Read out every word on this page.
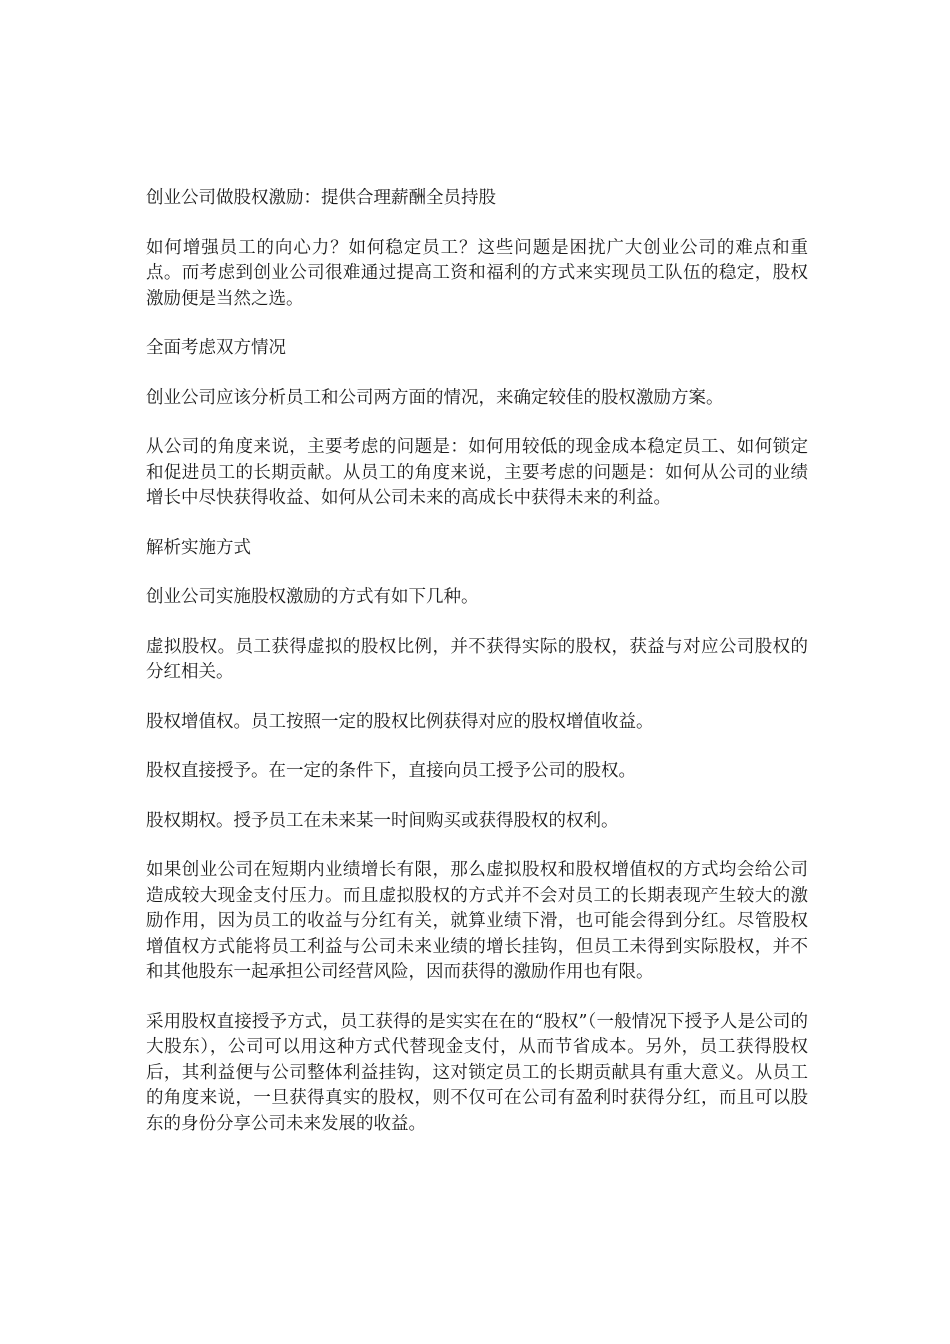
创业公司做股权激励：提供合理薪酬全员持股

如何增强员工的向心力？如何稳定员工？这些问题是困扰广大创业公司的难点和重点。而考虑到创业公司很难通过提高工资和福利的方式来实现员工队伍的稳定，股权激励便是当然之选。

全面考虑双方情况

创业公司应该分析员工和公司两方面的情况，来确定较佳的股权激励方案。

从公司的角度来说，主要考虑的问题是：如何用较低的现金成本稳定员工、如何锁定和促进员工的长期贡献。从员工的角度来说，主要考虑的问题是：如何从公司的业绩增长中尽快获得收益、如何从公司未来的高成长中获得未来的利益。

解析实施方式

创业公司实施股权激励的方式有如下几种。

虚拟股权。员工获得虚拟的股权比例，并不获得实际的股权，获益与对应公司股权的分红相关。

股权增值权。员工按照一定的股权比例获得对应的股权增值收益。

股权直接授予。在一定的条件下，直接向员工授予公司的股权。

股权期权。授予员工在未来某一时间购买或获得股权的权利。

如果创业公司在短期内业绩增长有限，那么虚拟股权和股权增值权的方式均会给公司造成较大现金支付压力。而且虚拟股权的方式并不会对员工的长期表现产生较大的激励作用，因为员工的收益与分红有关，就算业绩下滑，也可能会得到分红。尽管股权增值权方式能将员工利益与公司未来业绩的增长挂钩，但员工未得到实际股权，并不和其他股东一起承担公司经营风险，因而获得的激励作用也有限。

采用股权直接授予方式，员工获得的是实实在在的“股权”（一般情况下授予人是公司的大股东），公司可以用这种方式代替现金支付，从而节省成本。另外，员工获得股权后，其利益便与公司整体利益挂钩，这对锁定员工的长期贡献具有重大意义。从员工的角度来说，一旦获得真实的股权，则不仅可在公司有盈利时获得分红，而且可以股东的身份分享公司未来发展的收益。
